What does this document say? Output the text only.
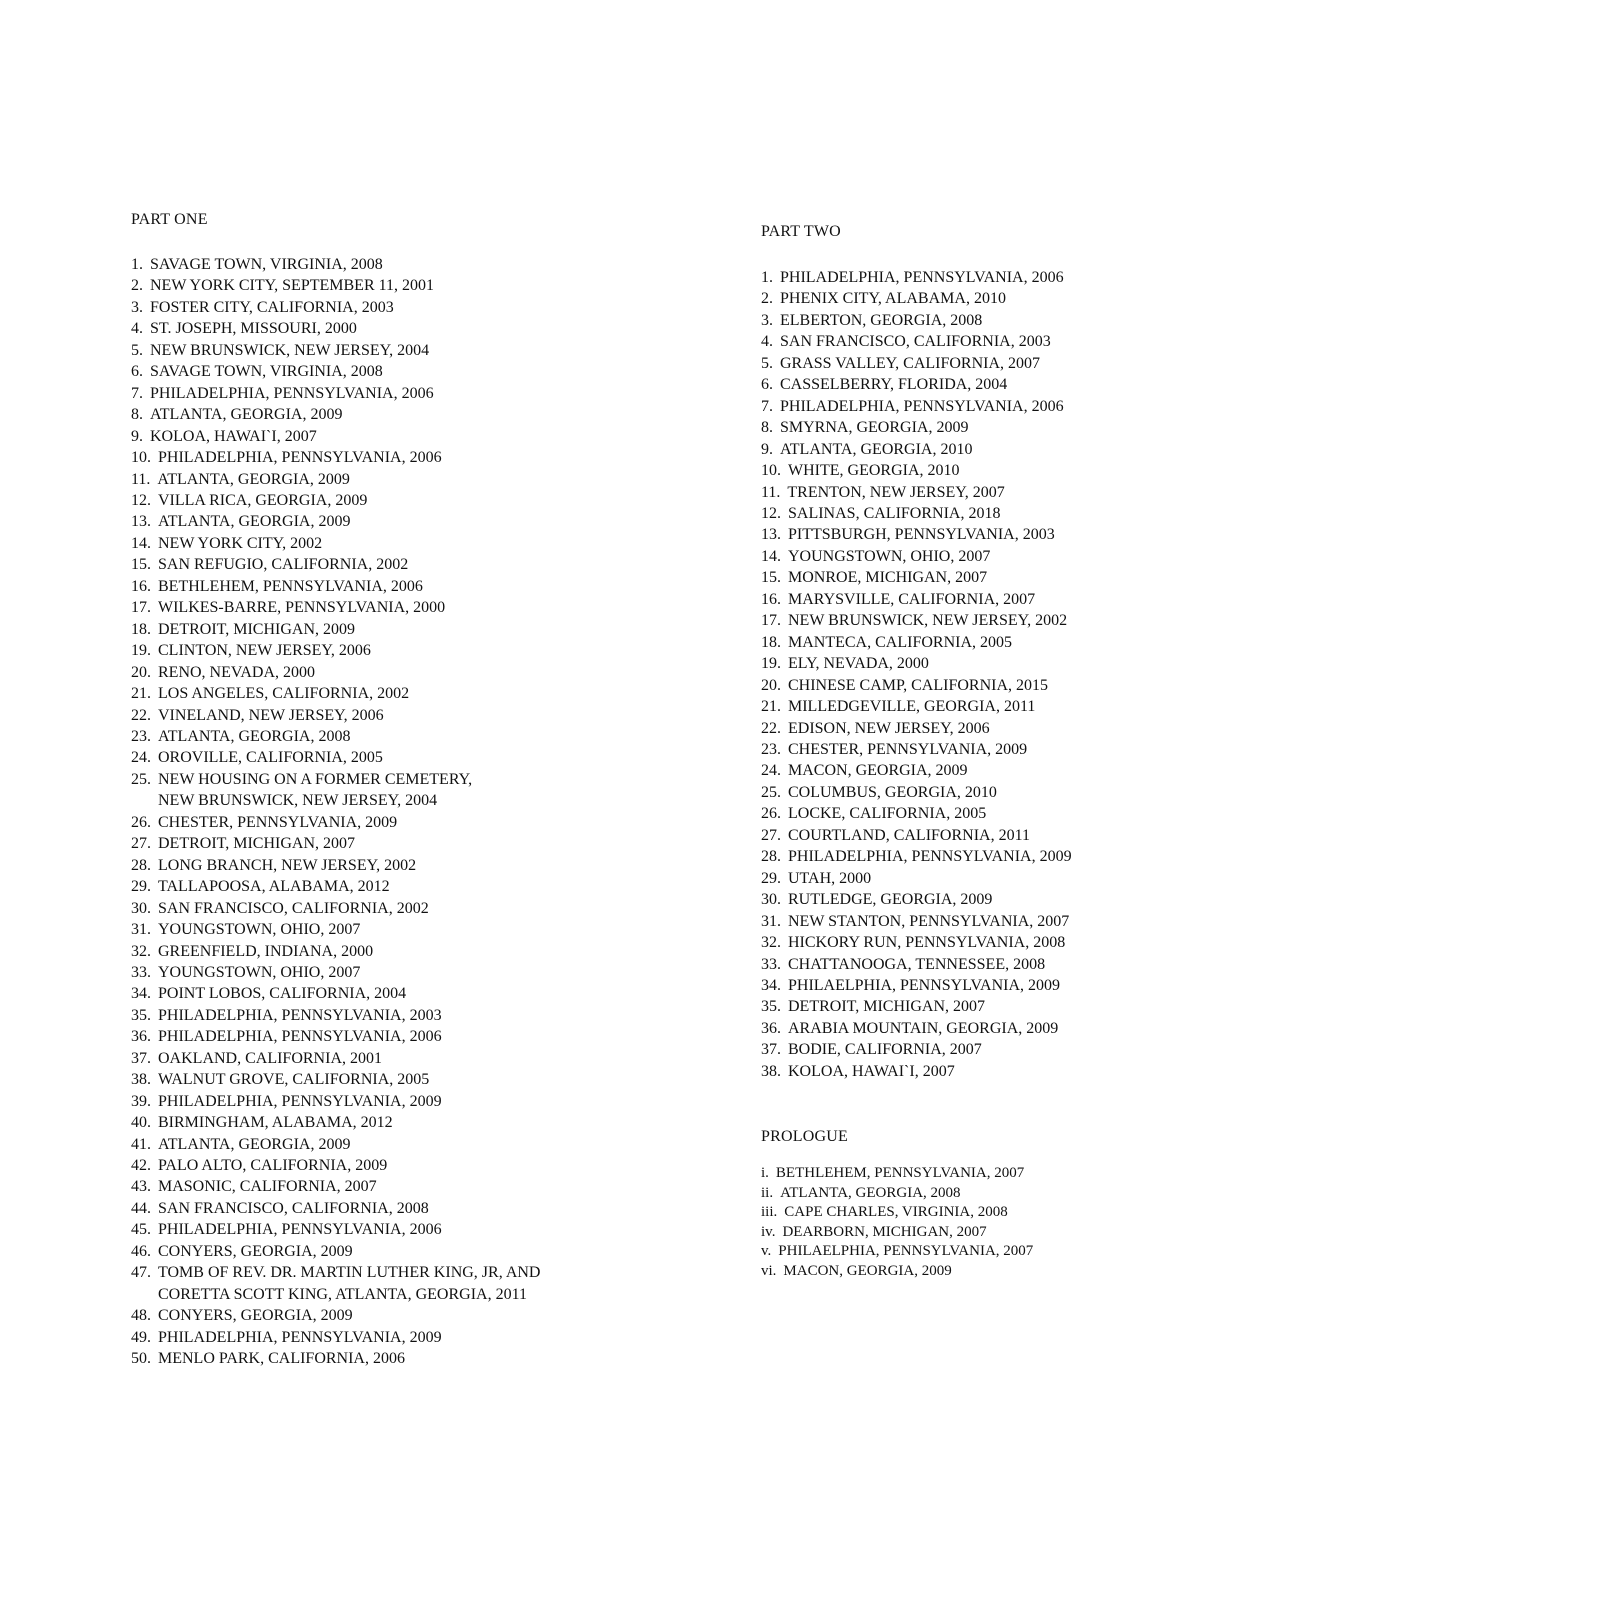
PART ONE
1. SAVAGE TOWN, VIRGINIA, 2008
2. NEW YORK CITY, SEPTEMBER 11, 2001
3. FOSTER CITY, CALIFORNIA, 2003
4. ST. JOSEPH, MISSOURI, 2000
5. NEW BRUNSWICK, NEW JERSEY, 2004
6. SAVAGE TOWN, VIRGINIA, 2008
7. PHILADELPHIA, PENNSYLVANIA, 2006
8. ATLANTA, GEORGIA, 2009
9. KOLOA, HAWAI`I, 2007
10. PHILADELPHIA, PENNSYLVANIA, 2006
11. ATLANTA, GEORGIA, 2009
12. VILLA RICA, GEORGIA, 2009
13. ATLANTA, GEORGIA, 2009
14. NEW YORK CITY, 2002
15. SAN REFUGIO, CALIFORNIA, 2002
16. BETHLEHEM, PENNSYLVANIA, 2006
17. WILKES-BARRE, PENNSYLVANIA, 2000
18. DETROIT, MICHIGAN, 2009
19. CLINTON, NEW JERSEY, 2006
20. RENO, NEVADA, 2000
21. LOS ANGELES, CALIFORNIA, 2002
22. VINELAND, NEW JERSEY, 2006
23. ATLANTA, GEORGIA, 2008
24. OROVILLE, CALIFORNIA, 2005
25. NEW HOUSING ON A FORMER CEMETERY,
NEW BRUNSWICK, NEW JERSEY, 2004
26. CHESTER, PENNSYLVANIA, 2009
27. DETROIT, MICHIGAN, 2007
28. LONG BRANCH, NEW JERSEY, 2002
29. TALLAPOOSA, ALABAMA, 2012
30. SAN FRANCISCO, CALIFORNIA, 2002
31. YOUNGSTOWN, OHIO, 2007
32. GREENFIELD, INDIANA, 2000
33. YOUNGSTOWN, OHIO, 2007
34. POINT LOBOS, CALIFORNIA, 2004
35. PHILADELPHIA, PENNSYLVANIA, 2003
36. PHILADELPHIA, PENNSYLVANIA, 2006
37. OAKLAND, CALIFORNIA, 2001
38. WALNUT GROVE, CALIFORNIA, 2005
39. PHILADELPHIA, PENNSYLVANIA, 2009
40. BIRMINGHAM, ALABAMA, 2012
41. ATLANTA, GEORGIA, 2009
42. PALO ALTO, CALIFORNIA, 2009
43. MASONIC, CALIFORNIA, 2007
44. SAN FRANCISCO, CALIFORNIA, 2008
45. PHILADELPHIA, PENNSYLVANIA, 2006
46. CONYERS, GEORGIA, 2009
47. TOMB OF REV. DR. MARTIN LUTHER KING, JR, AND
CORETTA SCOTT KING, ATLANTA, GEORGIA, 2011
48. CONYERS, GEORGIA, 2009
49. PHILADELPHIA, PENNSYLVANIA, 2009
50. MENLO PARK, CALIFORNIA, 2006
PART TWO
1. PHILADELPHIA, PENNSYLVANIA, 2006
2. PHENIX CITY, ALABAMA, 2010
3. ELBERTON, GEORGIA, 2008
4. SAN FRANCISCO, CALIFORNIA, 2003
5. GRASS VALLEY, CALIFORNIA, 2007
6. CASSELBERRY, FLORIDA, 2004
7. PHILADELPHIA, PENNSYLVANIA, 2006
8. SMYRNA, GEORGIA, 2009
9. ATLANTA, GEORGIA, 2010
10. WHITE, GEORGIA, 2010
11. TRENTON, NEW JERSEY, 2007
12. SALINAS, CALIFORNIA, 2018
13. PITTSBURGH, PENNSYLVANIA, 2003
14. YOUNGSTOWN, OHIO, 2007
15. MONROE, MICHIGAN, 2007
16. MARYSVILLE, CALIFORNIA, 2007
17. NEW BRUNSWICK, NEW JERSEY, 2002
18. MANTECA, CALIFORNIA, 2005
19. ELY, NEVADA, 2000
20. CHINESE CAMP, CALIFORNIA, 2015
21. MILLEDGEVILLE, GEORGIA, 2011
22. EDISON, NEW JERSEY, 2006
23. CHESTER, PENNSYLVANIA, 2009
24. MACON, GEORGIA, 2009
25. COLUMBUS, GEORGIA, 2010
26. LOCKE, CALIFORNIA, 2005
27. COURTLAND, CALIFORNIA, 2011
28. PHILADELPHIA, PENNSYLVANIA, 2009
29. UTAH, 2000
30. RUTLEDGE, GEORGIA, 2009
31. NEW STANTON, PENNSYLVANIA, 2007
32. HICKORY RUN, PENNSYLVANIA, 2008
33. CHATTANOOGA, TENNESSEE, 2008
34. PHILAELPHIA, PENNSYLVANIA, 2009
35. DETROIT, MICHIGAN, 2007
36. ARABIA MOUNTAIN, GEORGIA, 2009
37. BODIE, CALIFORNIA, 2007
38. KOLOA, HAWAI`I, 2007
PROLOGUE
i. BETHLEHEM, PENNSYLVANIA, 2007
ii. ATLANTA, GEORGIA, 2008
iii. CAPE CHARLES, VIRGINIA, 2008
iv. DEARBORN, MICHIGAN, 2007
v. PHILAELPHIA, PENNSYLVANIA, 2007
vi. MACON, GEORGIA, 2009
